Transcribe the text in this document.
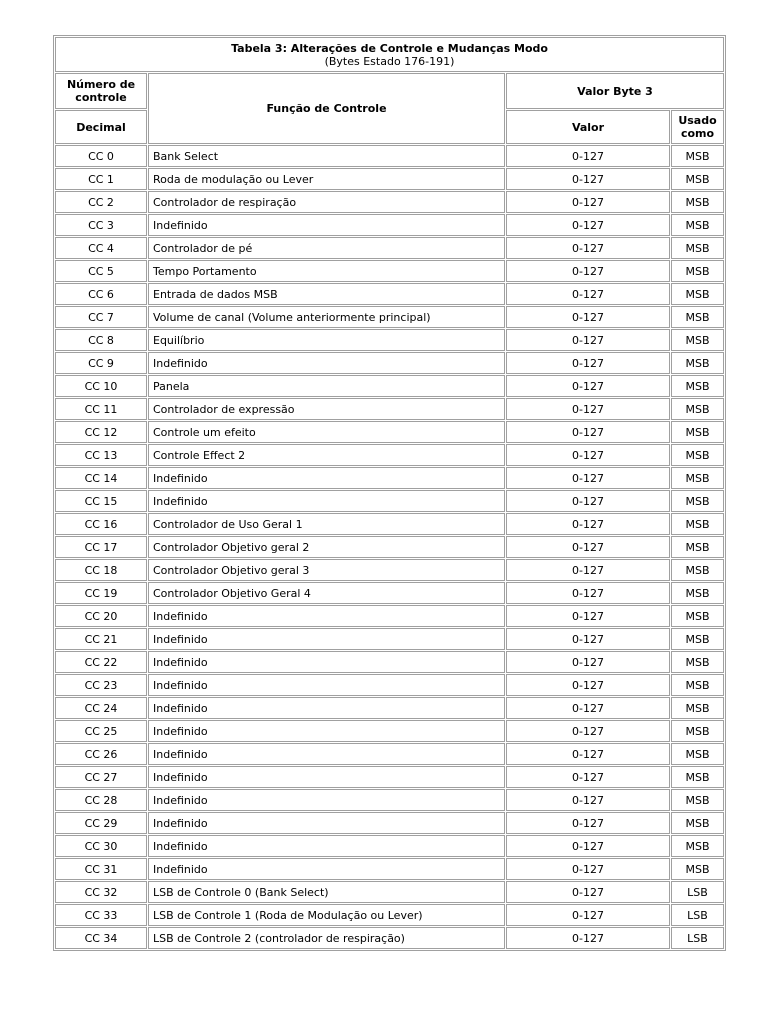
Tabela 3: Alterações de Controle e Mudanças Modo
(Bytes Estado 176-191)			

Número de controle	Função de Controle	Valor Byte 3	
Decimal		Valor	Usado como
CC 0	Bank Select	0-127	MSB
CC 1	Roda de modulação ou Lever	0-127	MSB
CC 2	Controlador de respiração	0-127	MSB
CC 3	Indefinido	0-127	MSB
CC 4	Controlador de pé	0-127	MSB
CC 5	Tempo Portamento	0-127	MSB
CC 6	Entrada de dados MSB	0-127	MSB
CC 7	Volume de canal (Volume anteriormente principal)	0-127	MSB
CC 8	Equilíbrio	0-127	MSB
CC 9	Indefinido	0-127	MSB
CC 10	Panela	0-127	MSB
CC 11	Controlador de expressão	0-127	MSB
CC 12	Controle um efeito	0-127	MSB
CC 13	Controle Effect 2	0-127	MSB
CC 14	Indefinido	0-127	MSB
CC 15	Indefinido	0-127	MSB
CC 16	Controlador de Uso Geral 1	0-127	MSB
CC 17	Controlador Objetivo geral 2	0-127	MSB
CC 18	Controlador Objetivo geral 3	0-127	MSB
CC 19	Controlador Objetivo Geral 4	0-127	MSB
CC 20	Indefinido	0-127	MSB
CC 21	Indefinido	0-127	MSB
CC 22	Indefinido	0-127	MSB
CC 23	Indefinido	0-127	MSB
CC 24	Indefinido	0-127	MSB
CC 25	Indefinido	0-127	MSB
CC 26	Indefinido	0-127	MSB
CC 27	Indefinido	0-127	MSB
CC 28	Indefinido	0-127	MSB
CC 29	Indefinido	0-127	MSB
CC 30	Indefinido	0-127	MSB
CC 31	Indefinido	0-127	MSB
CC 32	LSB de Controle 0 (Bank Select)	0-127	LSB
CC 33	LSB de Controle 1 (Roda de Modulação ou Lever)	0-127	LSB
CC 34	LSB de Controle 2 (controlador de respiração)	0-127	LSB
